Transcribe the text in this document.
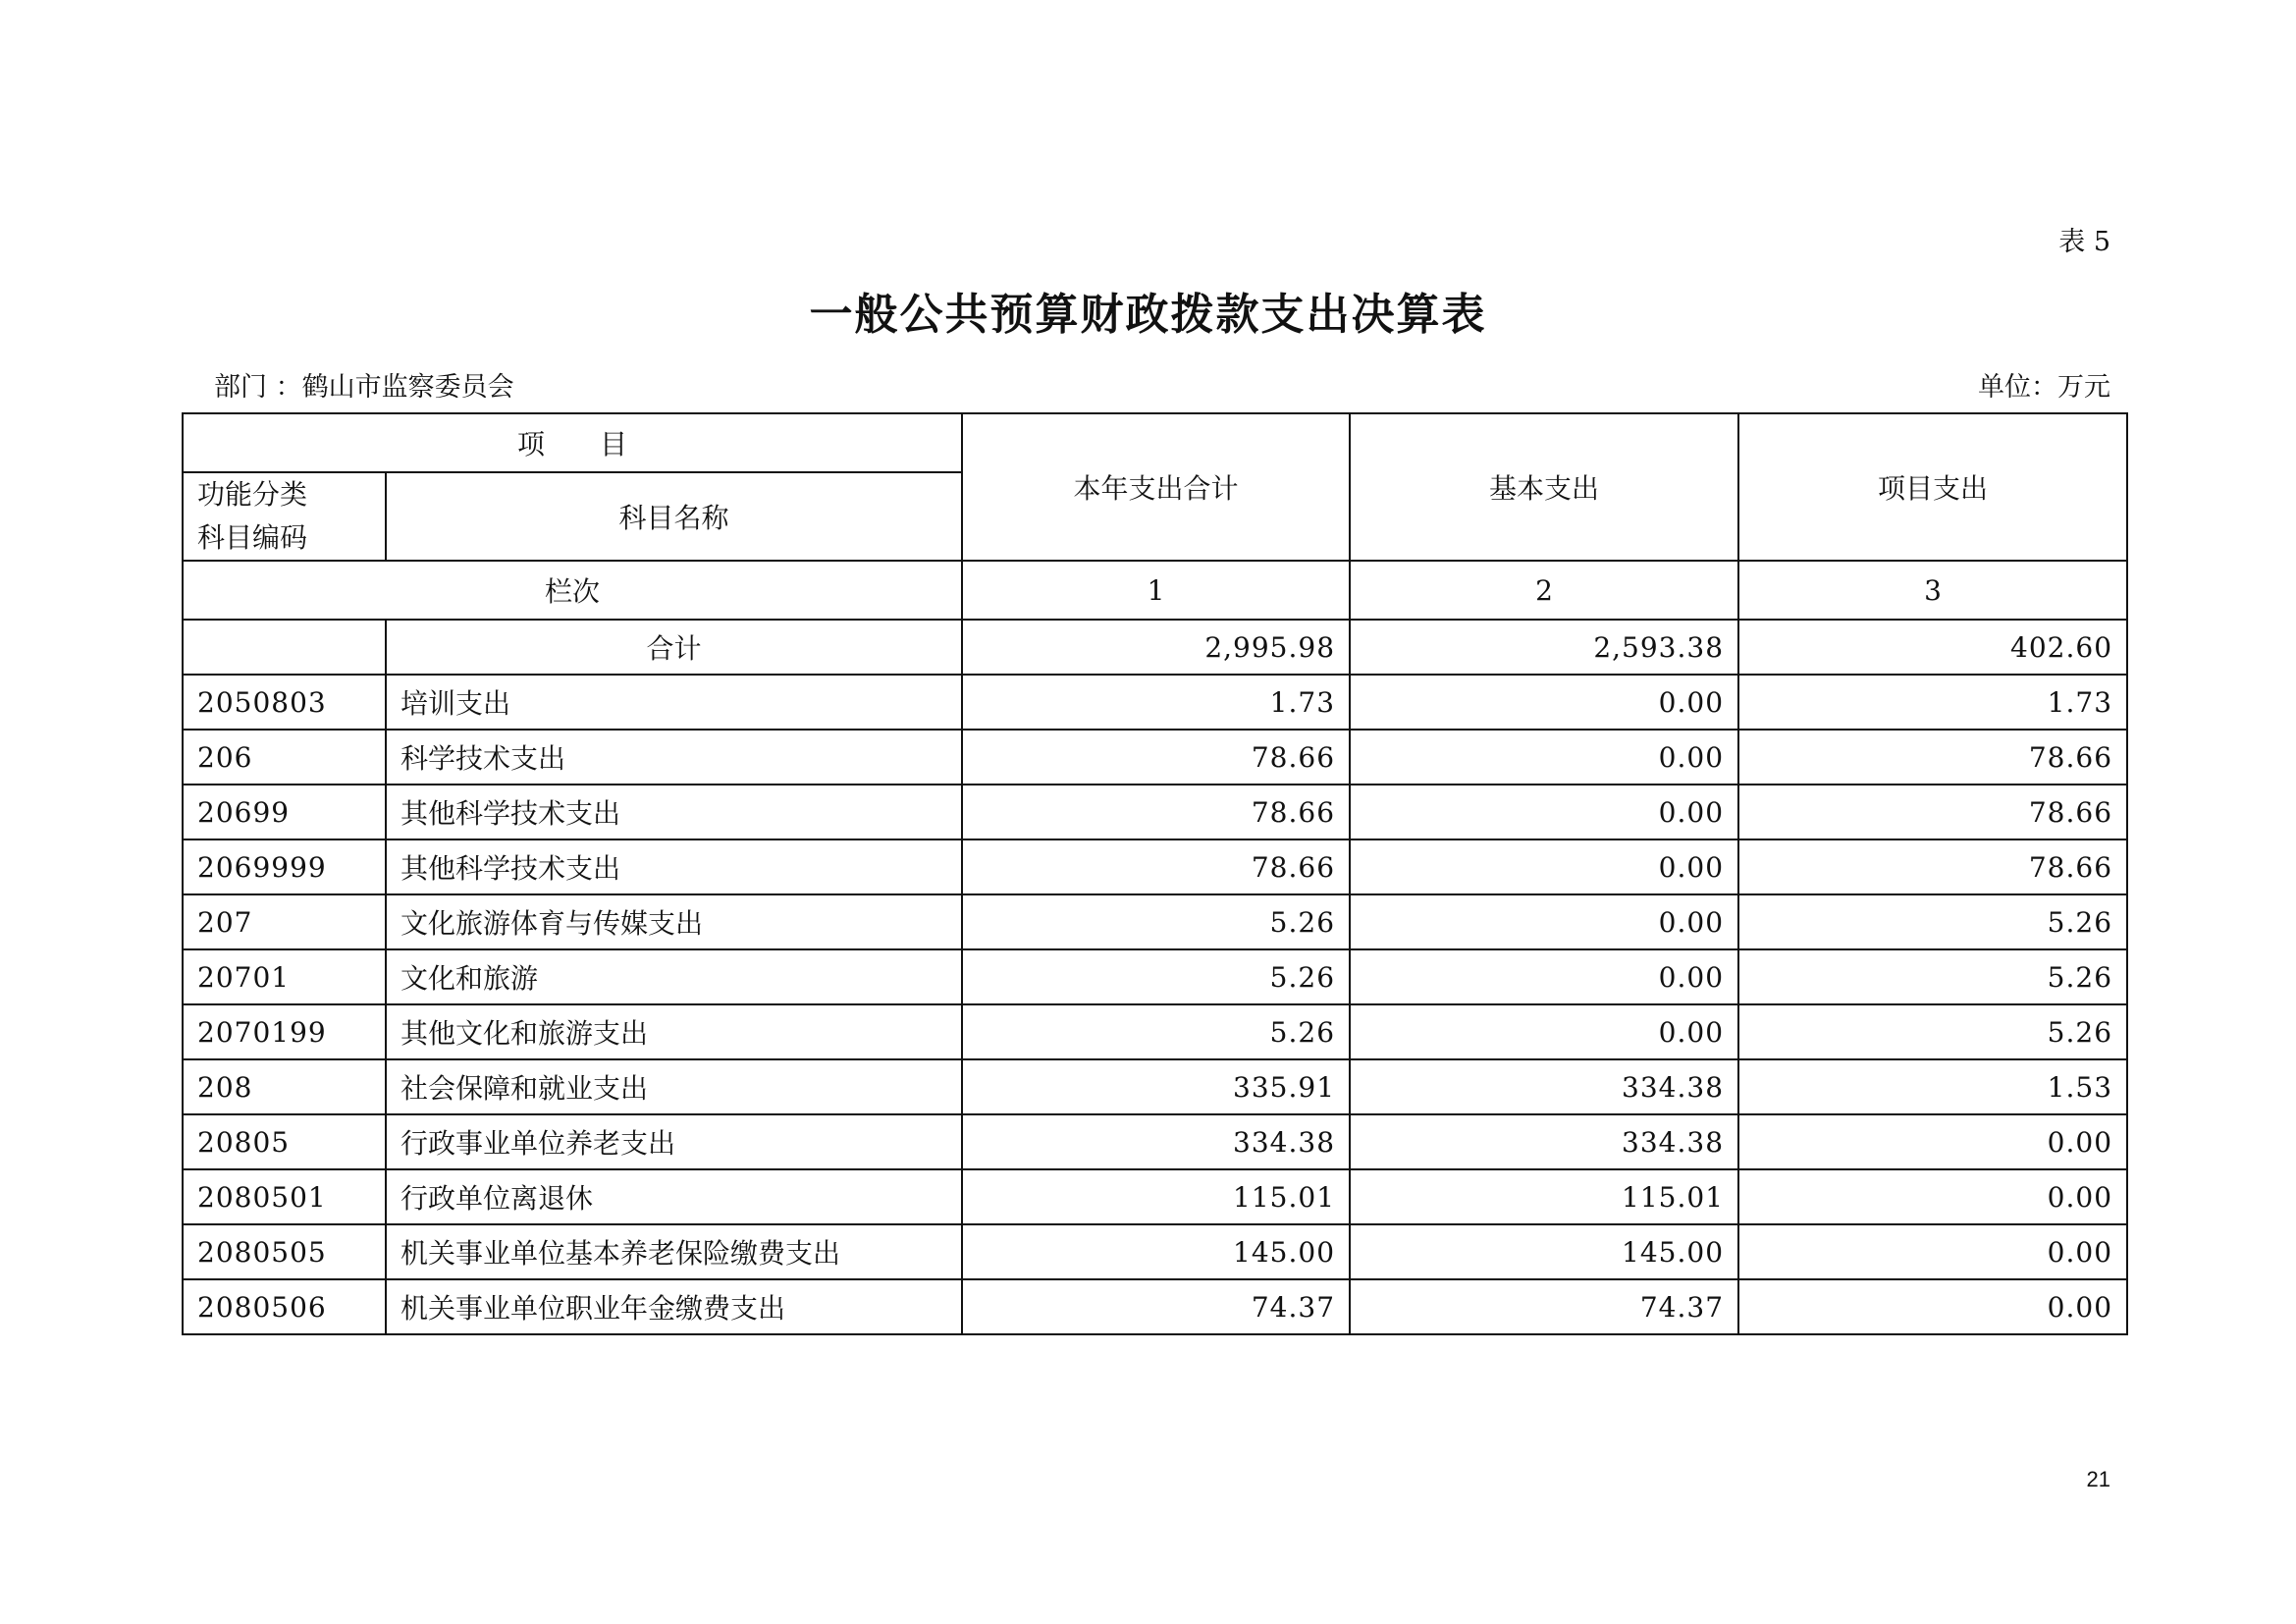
表 5
一般公共预算财政拨款支出决算表
部门 ：鹤山市监察委员会	单位：万元
项　　目		本年支出合计	基本支出	项目支出
功能分类
科目编码	科目名称			
栏次		1	2	3
	合计	2,995.98	2,593.38	402.60
2050803	培训支出	1.73	0.00	1.73
206	科学技术支出	78.66	0.00	78.66
20699	其他科学技术支出	78.66	0.00	78.66
2069999	其他科学技术支出	78.66	0.00	78.66
207	文化旅游体育与传媒支出	5.26	0.00	5.26
20701	文化和旅游	5.26	0.00	5.26
2070199	其他文化和旅游支出	5.26	0.00	5.26
208	社会保障和就业支出	335.91	334.38	1.53
20805	行政事业单位养老支出	334.38	334.38	0.00
2080501	行政单位离退休	115.01	115.01	0.00
2080505	机关事业单位基本养老保险缴费支出	145.00	145.00	0.00
2080506	机关事业单位职业年金缴费支出	74.37	74.37	0.00
21
